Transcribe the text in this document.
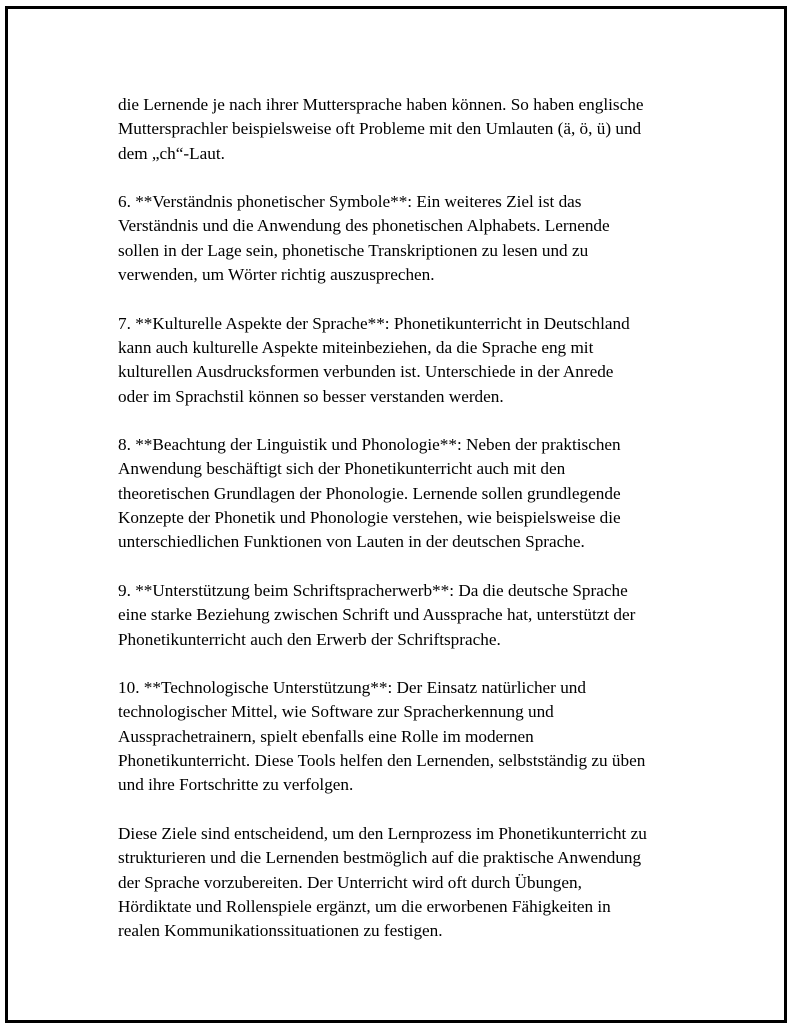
die Lernende je nach ihrer Muttersprache haben können. So haben englische
Muttersprachler beispielsweise oft Probleme mit den Umlauten (ä, ö, ü) und
dem „ch“-Laut.

6. **Verständnis phonetischer Symbole**: Ein weiteres Ziel ist das
Verständnis und die Anwendung des phonetischen Alphabets. Lernende
sollen in der Lage sein, phonetische Transkriptionen zu lesen und zu
verwenden, um Wörter richtig auszusprechen.

7. **Kulturelle Aspekte der Sprache**: Phonetikunterricht in Deutschland
kann auch kulturelle Aspekte miteinbeziehen, da die Sprache eng mit
kulturellen Ausdrucksformen verbunden ist. Unterschiede in der Anrede
oder im Sprachstil können so besser verstanden werden.

8. **Beachtung der Linguistik und Phonologie**: Neben der praktischen
Anwendung beschäftigt sich der Phonetikunterricht auch mit den
theoretischen Grundlagen der Phonologie. Lernende sollen grundlegende
Konzepte der Phonetik und Phonologie verstehen, wie beispielsweise die
unterschiedlichen Funktionen von Lauten in der deutschen Sprache.

9. **Unterstützung beim Schriftspracherwerb**: Da die deutsche Sprache
eine starke Beziehung zwischen Schrift und Aussprache hat, unterstützt der
Phonetikunterricht auch den Erwerb der Schriftsprache.

10. **Technologische Unterstützung**: Der Einsatz natürlicher und
technologischer Mittel, wie Software zur Spracherkennung und
Aussprachetrainern, spielt ebenfalls eine Rolle im modernen
Phonetikunterricht. Diese Tools helfen den Lernenden, selbstständig zu üben
und ihre Fortschritte zu verfolgen.

Diese Ziele sind entscheidend, um den Lernprozess im Phonetikunterricht zu
strukturieren und die Lernenden bestmöglich auf die praktische Anwendung
der Sprache vorzubereiten. Der Unterricht wird oft durch Übungen,
Hördiktate und Rollenspiele ergänzt, um die erworbenen Fähigkeiten in
realen Kommunikationssituationen zu festigen.
